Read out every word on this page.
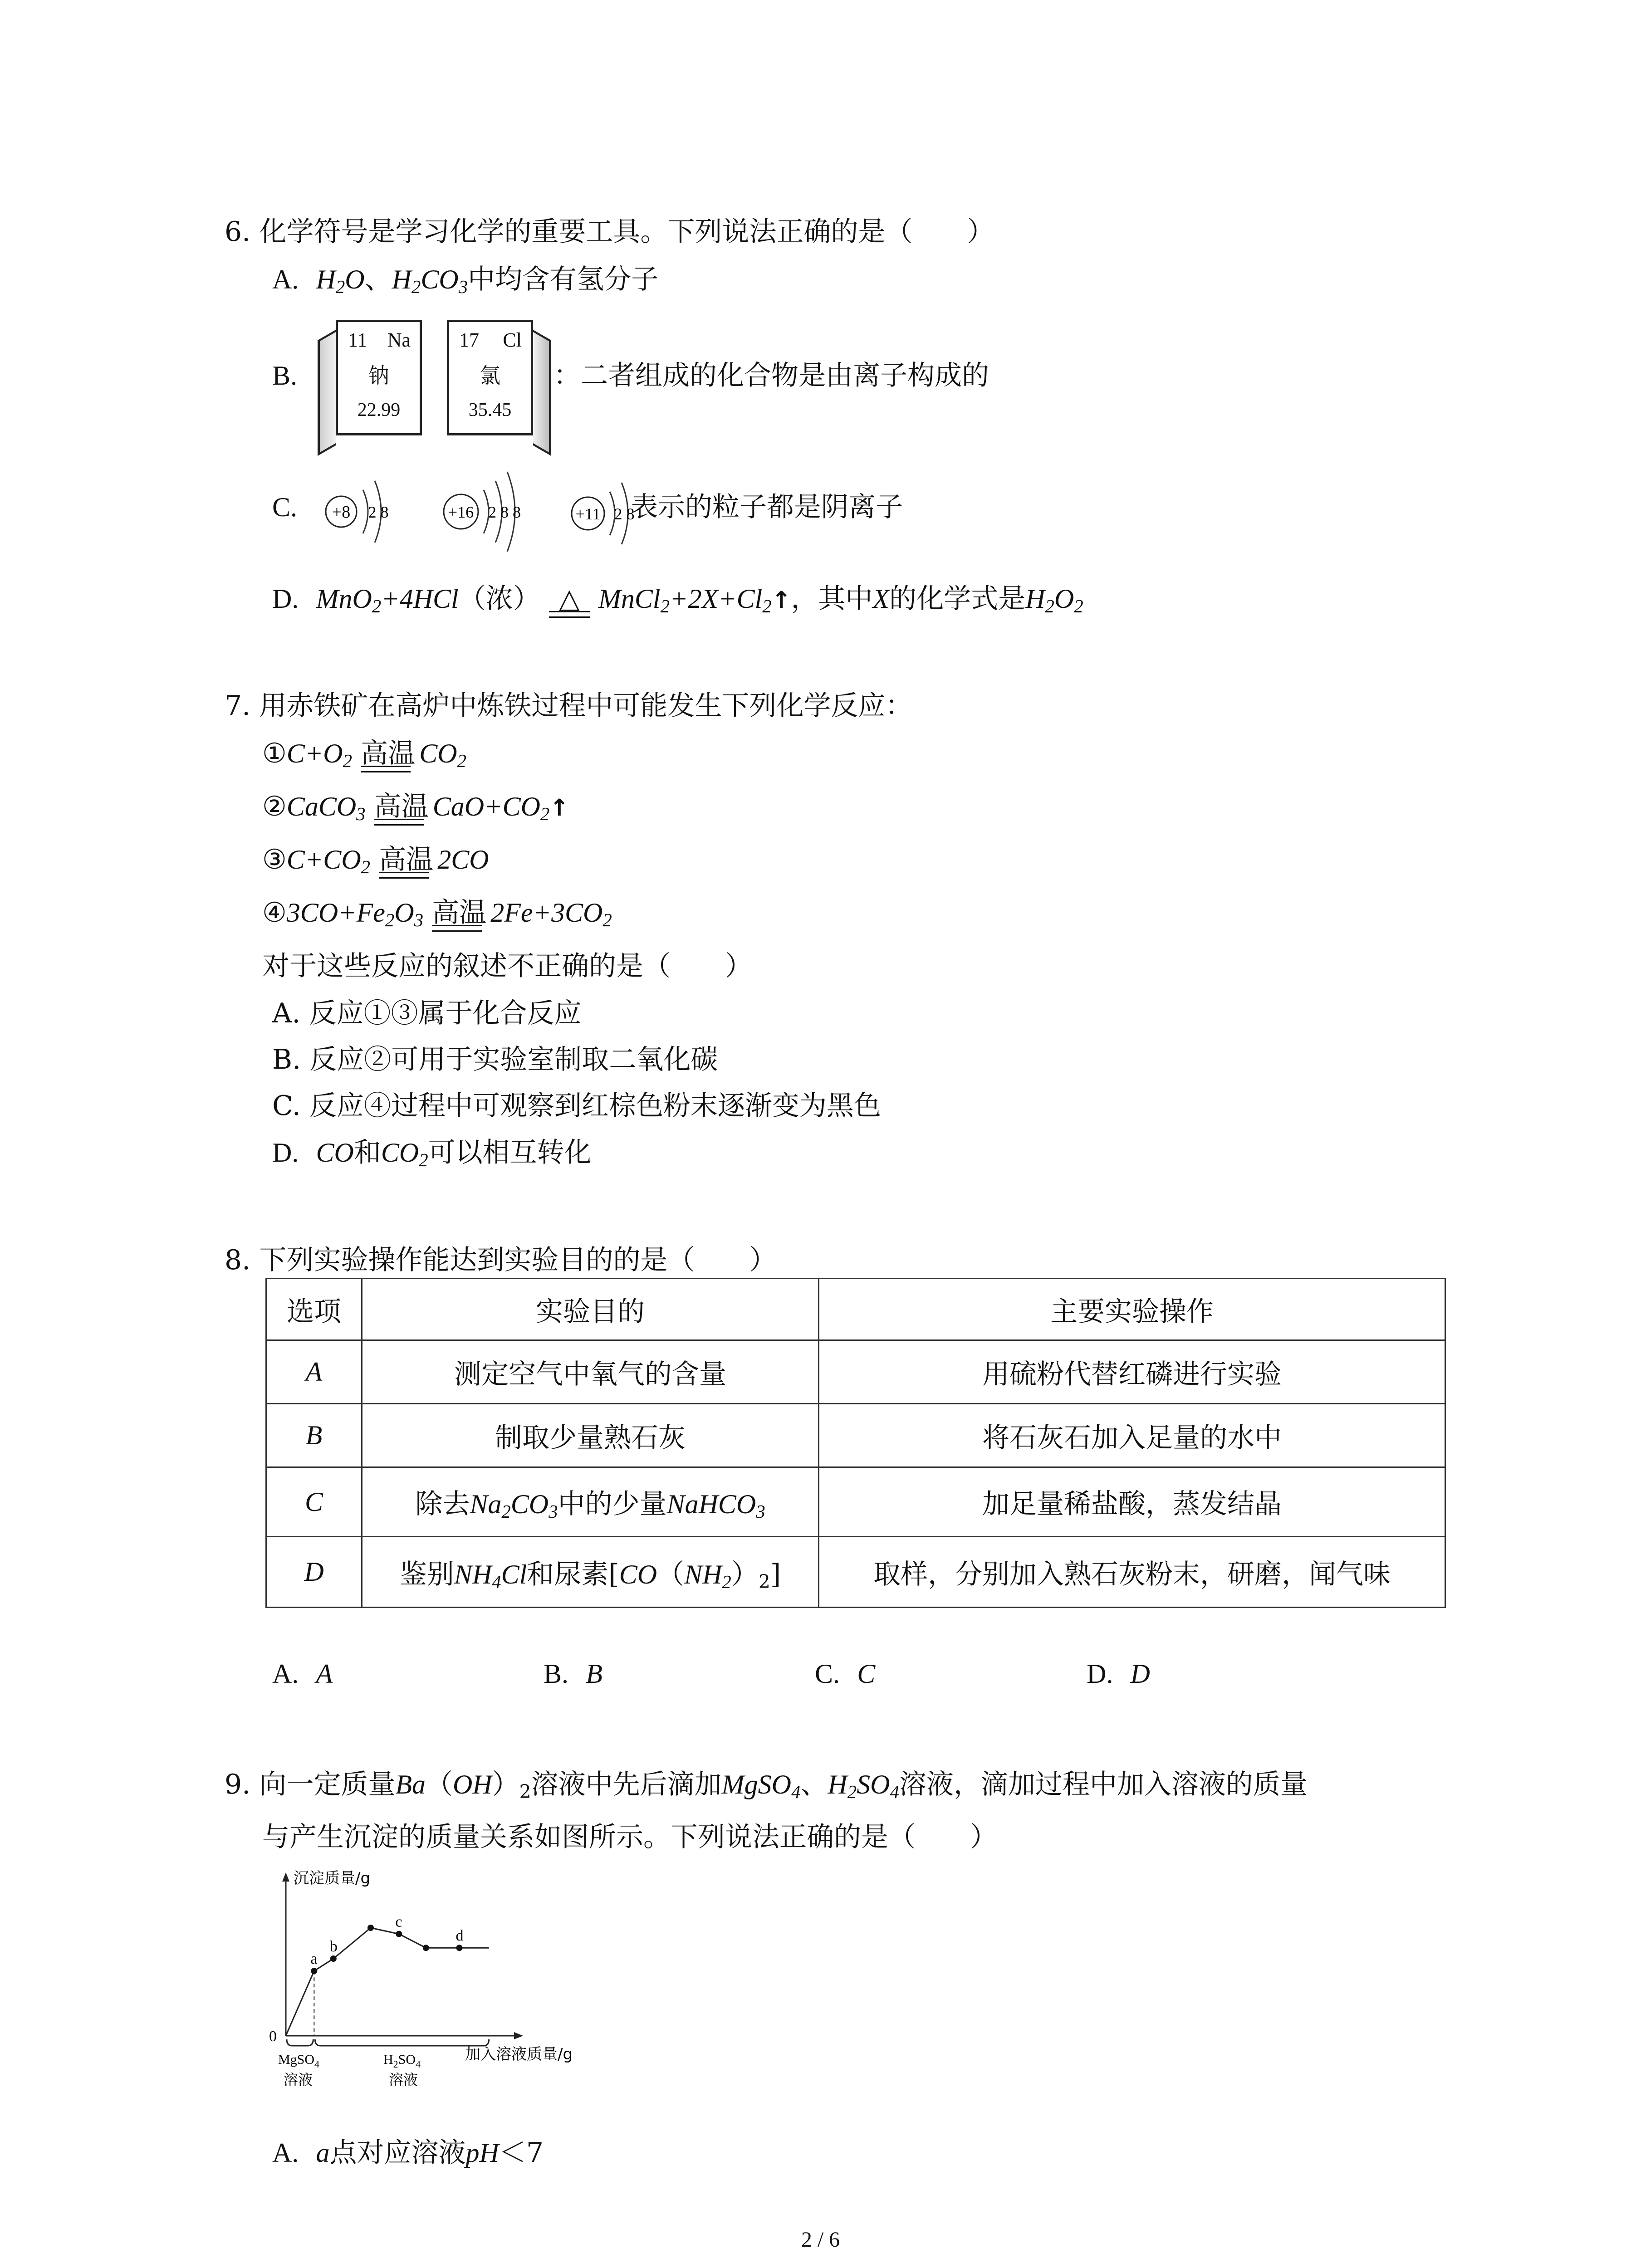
6. 化学符号是学习化学的重要工具。下列说法正确的是（　　）
A. $H_2O$、$H_2CO_3$中均含有氢分子
B.
11 Na
钠
22.99
17 Cl
氯
35.45
：二者组成的化合物是由离子构成的
C. +8 2 8	+16 2 8 8	+11 2 8
表示的粒子都是阴离子
D. MnO$_2$+4HCl（浓） △ $MnCl_2+2X+Cl_2↑$，其中X的化学式是$H_2O_2$
7. 用赤铁矿在高炉中炼铁过程中可能发生下列化学反应：
$①C+O_2$ 高温 $CO_2$
②CaCO$_3$ 高温 $CaO+CO_2↑$
$③C+CO_2$ 高温 2CO
$④3CO+Fe_2O_3$ 高温 $2Fe+3CO_2$
对于这些反应的叙述不正确的是（　　）
A. 反应①③属于化合反应
B. 反应②可用于实验室制取二氧化碳
C. 反应④过程中可观察到红棕色粉末逐渐变为黑色
D. CO和$CO_2$可以相互转化
8. 下列实验操作能达到实验目的的是（　　）
选项	实验目的	主要实验操作
A	测定空气中氧气的含量	用硫粉代替红磷进行实验
B	制取少量熟石灰	将石灰石加入足量的水中
C	除去$Na_2CO_3$中的少量NaHCO$_3$	加足量稀盐酸，蒸发结晶
D	鉴别$NH_4Cl$和尿素$[CO(NH_2)_2]$	取样，分别加入熟石灰粉末，研磨，闻气味
A. A	B. B	C. C	D. D
9. 向一定质量$Ba(OH)_2$溶液中先后滴加MgSO$_4$、$H_2SO_4$溶液，滴加过程中加入溶液的质量
与产生沉淀的质量关系如图所示。下列说法正确的是（　　）
沉淀质量/g
0
加入溶液质量/g
MgSO$_4$
溶液
$H_2SO_4$
溶液
a
b
c
d
A. a点对应溶液pH＜7
2 / 6
